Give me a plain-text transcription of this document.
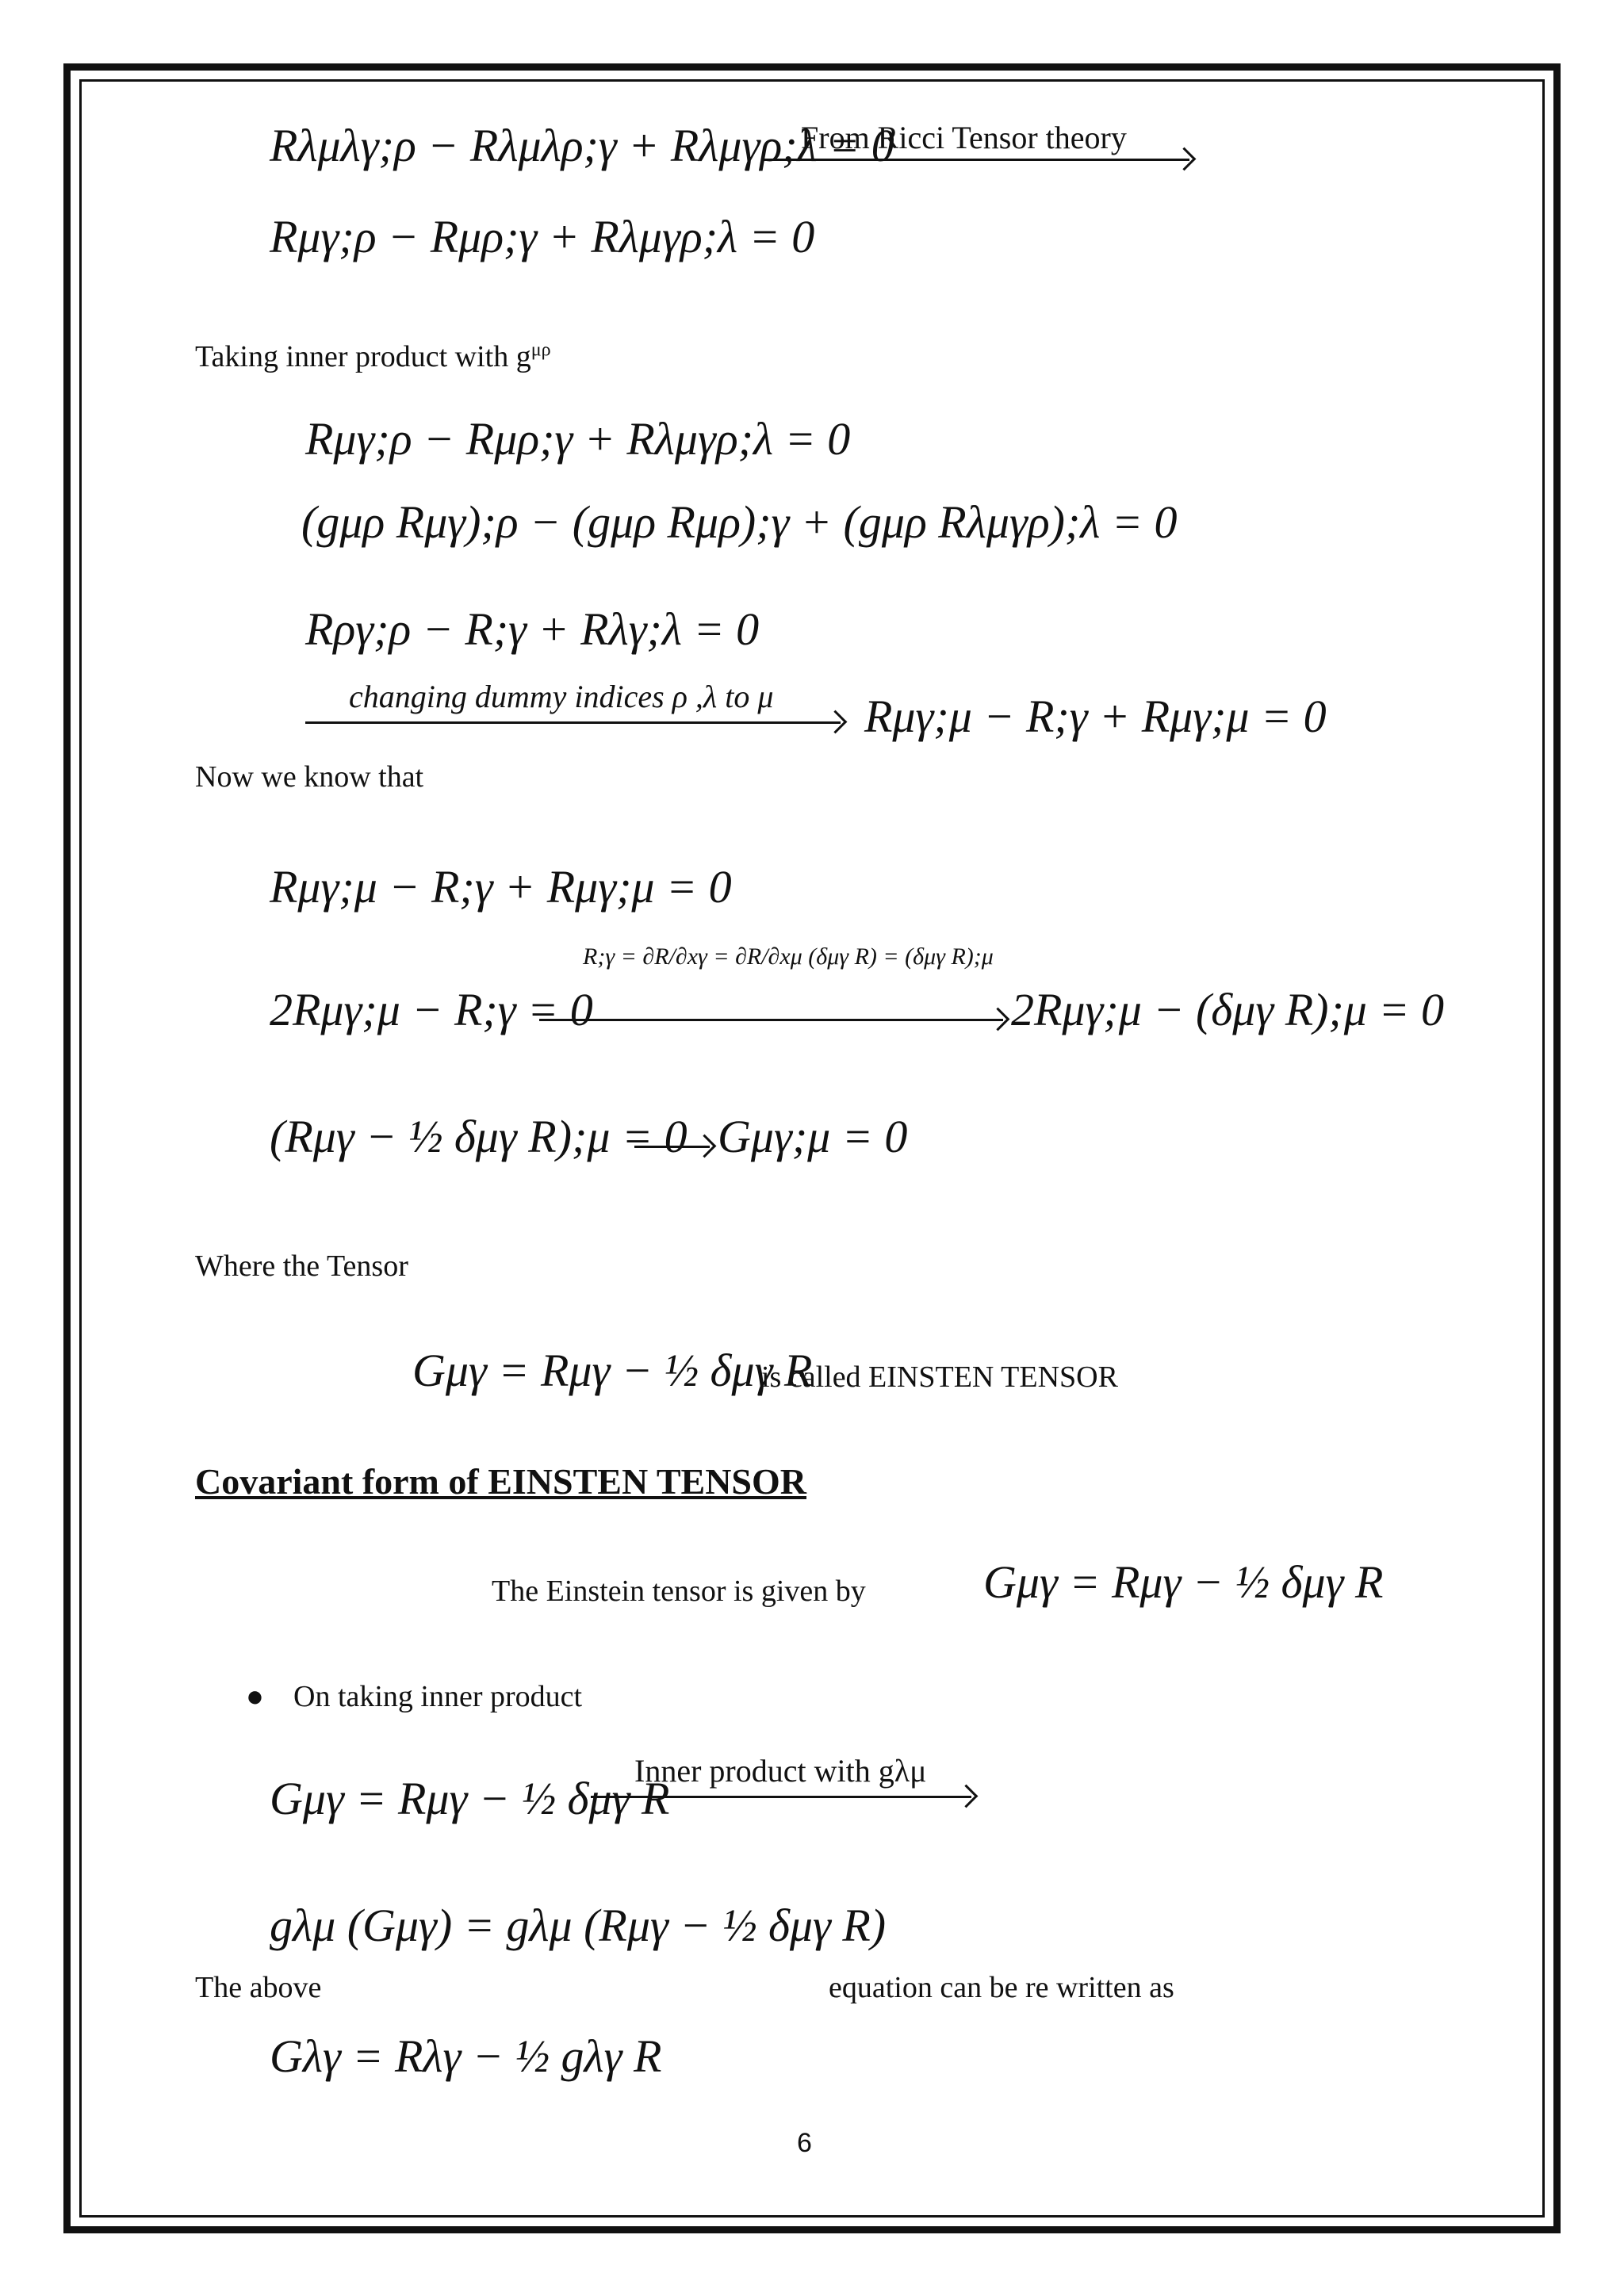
Rλμλγ;ρ − Rλμλρ;γ + Rλμγρ;λ = 0
From Ricci Tensor theory
Rμγ;ρ − Rμρ;γ + Rλμγρ;λ = 0
Taking inner product with $g^{\mu\rho}$
Rμγ;ρ − Rμρ;γ + Rλμγρ;λ = 0
(gμρ Rμγ);ρ − (gμρ Rμρ);γ + (gμρ Rλμγρ);λ = 0
Rργ;ρ − R;γ + Rλγ;λ = 0
changing dummy indices ρ ,λ to μ Rμγ;μ − R;γ + Rμγ;μ = 0
Now we know that
Rμγ;μ − R;γ + Rμγ;μ = 0
2Rμγ;μ − R;γ = 0
R;γ = ∂R/∂xγ = ∂R/∂xμ (δμγ R) = (δμγ R);μ
2Rμγ;μ − (δμγ R);μ = 0
(Rμγ − ½ δμγ R);μ = 0 Gμγ;μ = 0
Where the Tensor
Gμγ = Rμγ − ½ δμγ R
is called EINSTEN TENSOR
Covariant form of EINSTEN TENSOR
The Einstein tensor is given by	Gμγ = Rμγ − ½ δμγ R
● On taking inner product
Gμγ = Rμγ − ½ δμγ R
Inner product with gλμ
gλμ (Gμγ) = gλμ (Rμγ − ½ δμγ R)
The above	equation can be re written as
Gλγ = Rλγ − ½ gλγ R
6
